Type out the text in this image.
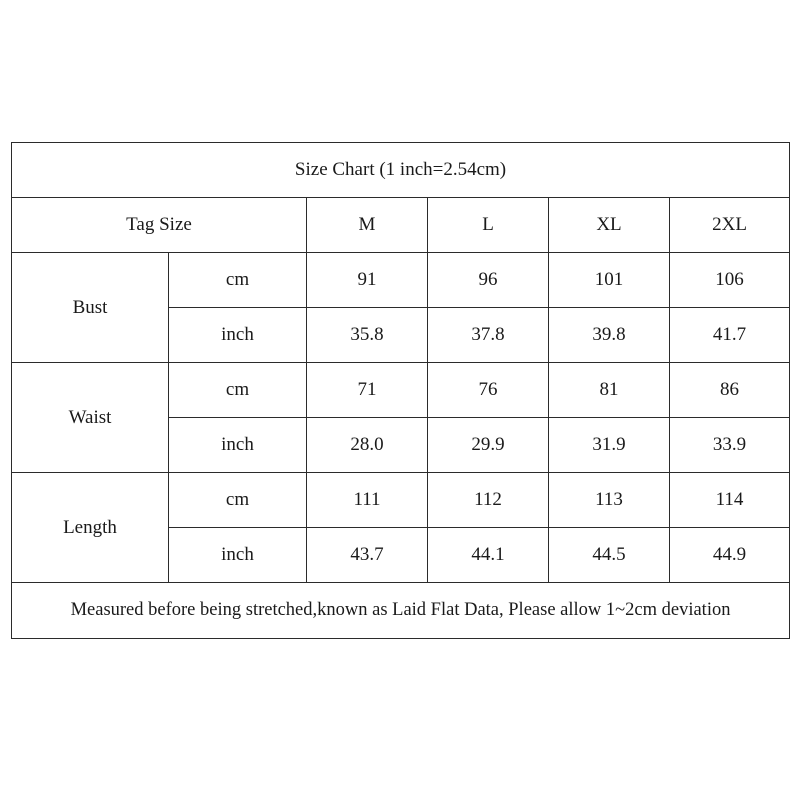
Size Chart (1 inch=2.54cm)					
Tag Size		M	L	XL	2XL
Bust	cm	91	96	101	106
	inch	35.8	37.8	39.8	41.7
Waist	cm	71	76	81	86
	inch	28.0	29.9	31.9	33.9
Length	cm	111	112	113	114
	inch	43.7	44.1	44.5	44.9
Measured before being stretched,known as Laid Flat Data, Please allow 1~2cm deviation					
